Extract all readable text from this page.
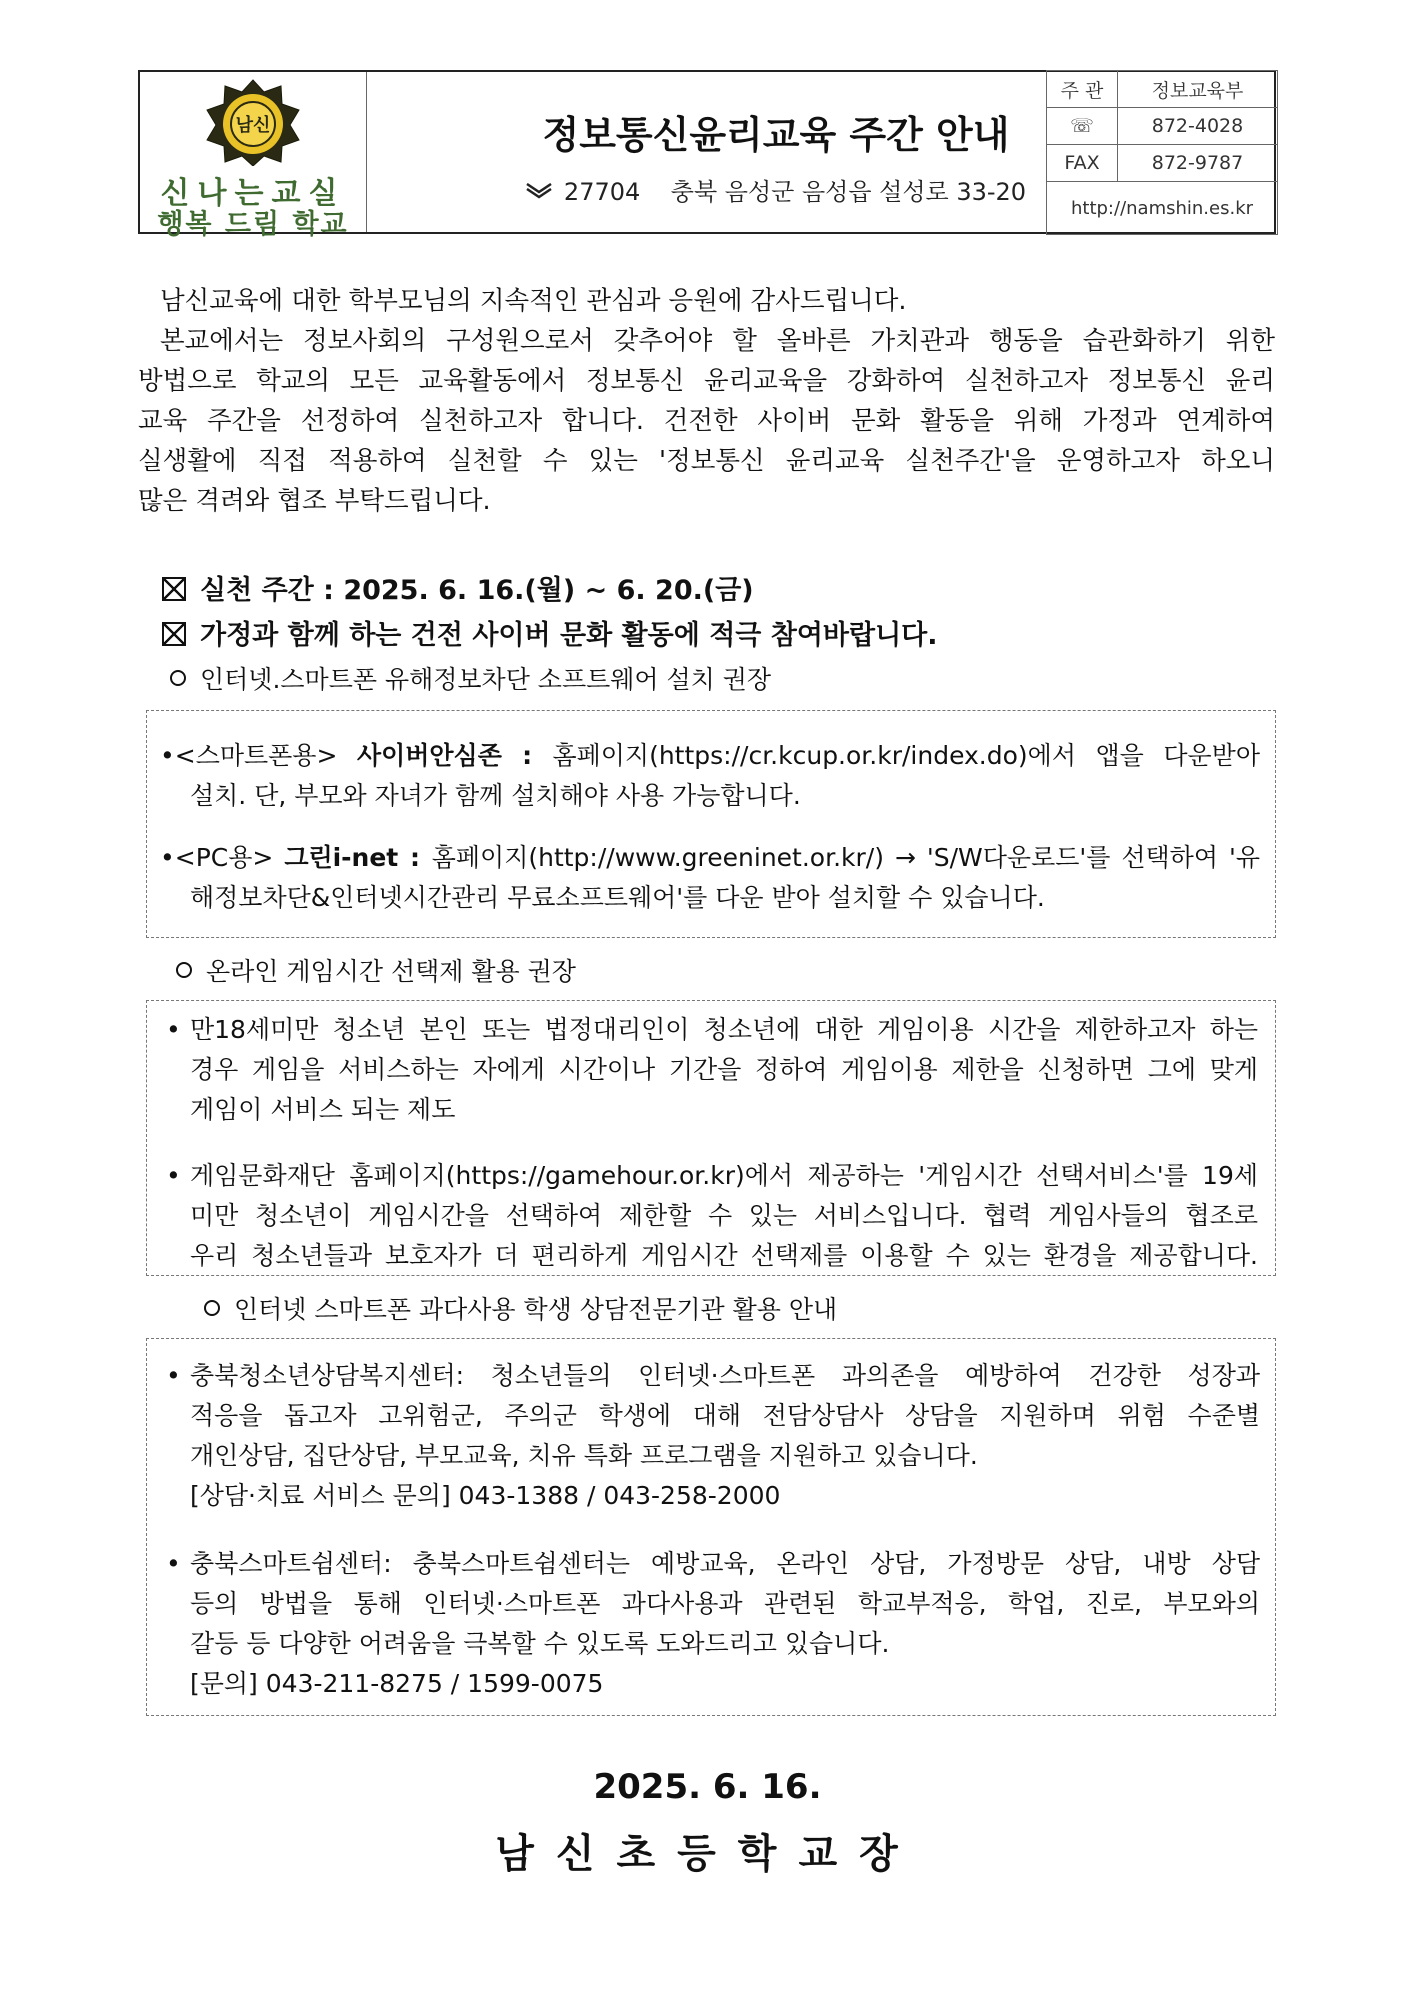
남신
신나는교실
행복 드림 학교
정보통신윤리교육 주간 안내
27704 충북 음성군 음성읍 설성로 33-20
주 관	정보교육부
☏	872-4028
FAX	872-9787
http://namshin.es.kr	
남신교육에 대한 학부모님의 지속적인 관심과 응원에 감사드립니다.
본교에서는 정보사회의 구성원으로서 갖추어야 할 올바른 가치관과 행동을 습관화하기 위한
방법으로 학교의 모든 교육활동에서 정보통신 윤리교육을 강화하여 실천하고자 정보통신 윤리
교육 주간을 선정하여 실천하고자 합니다. 건전한 사이버 문화 활동을 위해 가정과 연계하여
실생활에 직접 적용하여 실천할 수 있는 '정보통신 윤리교육 실천주간'을 운영하고자 하오니
많은 격려와 협조 부탁드립니다.
실천 주간 : 2025. 6. 16.(월) ~ 6. 20.(금)
가정과 함께 하는 건전 사이버 문화 활동에 적극 참여바랍니다.
인터넷.스마트폰 유해정보차단 소프트웨어 설치 권장
•<스마트폰용> 사이버안심존 : 홈페이지(https://cr.kcup.or.kr/index.do)에서 앱을 다운받아
설치. 단, 부모와 자녀가 함께 설치해야 사용 가능합니다.
•<PC용> 그린i-net : 홈페이지(http://www.greeninet.or.kr/) → 'S/W다운로드'를 선택하여 '유
해정보차단&인터넷시간관리 무료소프트웨어'를 다운 받아 설치할 수 있습니다.
온라인 게임시간 선택제 활용 권장
• 만18세미만 청소년 본인 또는 법정대리인이 청소년에 대한 게임이용 시간을 제한하고자 하는
경우 게임을 서비스하는 자에게 시간이나 기간을 정하여 게임이용 제한을 신청하면 그에 맞게
게임이 서비스 되는 제도
• 게임문화재단 홈페이지(https://gamehour.or.kr)에서 제공하는 '게임시간 선택서비스'를 19세
미만 청소년이 게임시간을 선택하여 제한할 수 있는 서비스입니다. 협력 게임사들의 협조로
우리 청소년들과 보호자가 더 편리하게 게임시간 선택제를 이용할 수 있는 환경을 제공합니다.
인터넷 스마트폰 과다사용 학생 상담전문기관 활용 안내
• 충북청소년상담복지센터: 청소년들의 인터넷·스마트폰 과의존을 예방하여 건강한 성장과
적응을 돕고자 고위험군, 주의군 학생에 대해 전담상담사 상담을 지원하며 위험 수준별
개인상담, 집단상담, 부모교육, 치유 특화 프로그램을 지원하고 있습니다.
[상담·치료 서비스 문의] 043-1388 / 043-258-2000
• 충북스마트쉼센터: 충북스마트쉼센터는 예방교육, 온라인 상담, 가정방문 상담, 내방 상담
등의 방법을 통해 인터넷·스마트폰 과다사용과 관련된 학교부적응, 학업, 진로, 부모와의
갈등 등 다양한 어려움을 극복할 수 있도록 도와드리고 있습니다.
[문의] 043-211-8275 / 1599-0075
2025. 6. 16.
남신초등학교장
